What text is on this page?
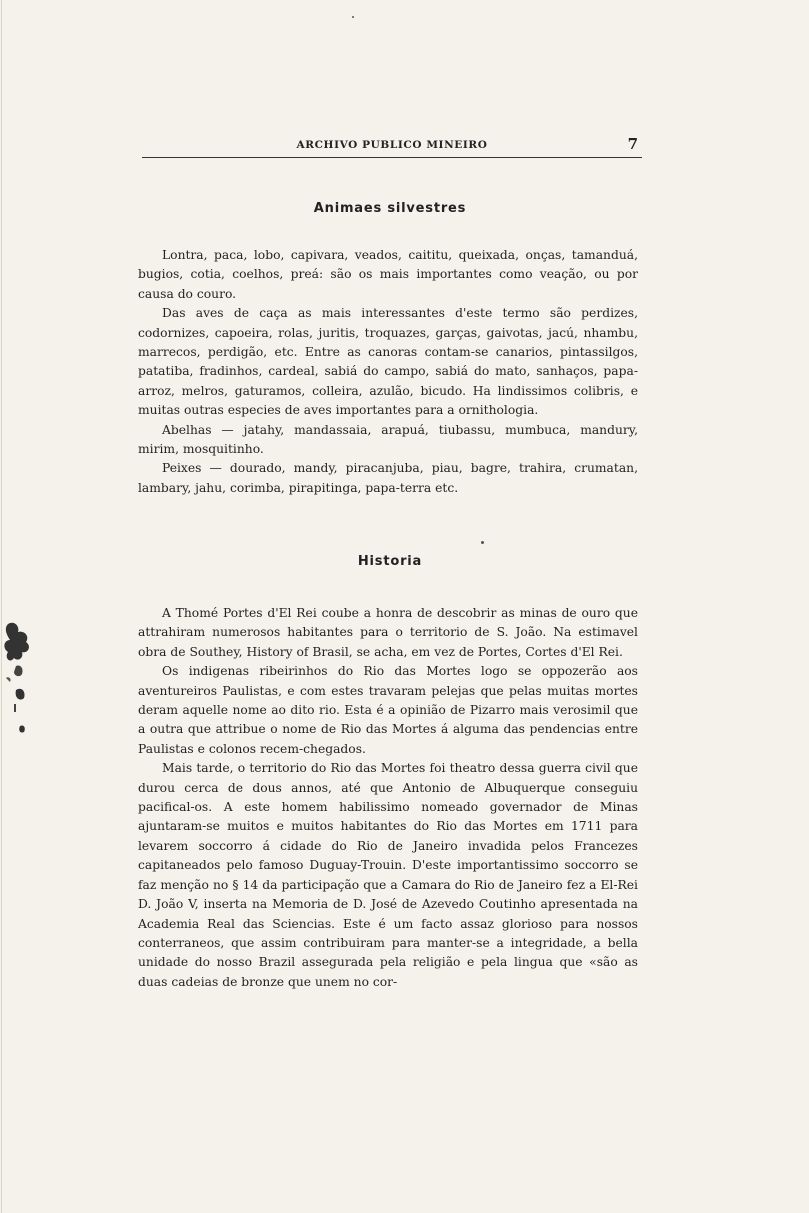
ARCHIVO PUBLICO MINEIRO	7
Animaes silvestres

Lontra, paca, lobo, capivara, veados, caititu, queixada, onças, tamanduá, bugios, cotia, coelhos, preá: são os mais importantes como veação, ou por causa do couro.

Das aves de caça as mais interessantes d'este termo são perdizes, codornizes, capoeira, rolas, juritis, troquazes, garças, gaivotas, jacú, nhambu, marrecos, perdigão, etc. Entre as canoras contam-se canarios, pintassilgos, patatiba, fradinhos, cardeal, sabiá do campo, sabiá do mato, sanhaços, papa-arroz, melros, gaturamos, colleira, azulão, bicudo. Ha lindissimos colibris, e muitas outras especies de aves importantes para a ornithologia.

Abelhas — jatahy, mandassaia, arapuá, tiubassu, mumbuca, mandury, mirim, mosquitinho.

Peixes — dourado, mandy, piracanjuba, piau, bagre, trahira, crumatan, lambary, jahu, corimba, pirapitinga, papa-terra etc.

Historia

A Thomé Portes d'El Rei coube a honra de descobrir as minas de ouro que attrahiram numerosos habitantes para o territorio de S. João. Na estimavel obra de Southey, History of Brasil, se acha, em vez de Portes, Cortes d'El Rei.

Os indigenas ribeirinhos do Rio das Mortes logo se oppozerão aos aventureiros Paulistas, e com estes travaram pelejas que pelas muitas mortes deram aquelle nome ao dito rio. Esta é a opinião de Pizarro mais verosimil que a outra que attribue o nome de Rio das Mortes á alguma das pendencias entre Paulistas e colonos recem-chegados.

Mais tarde, o territorio do Rio das Mortes foi theatro dessa guerra civil que durou cerca de dous annos, até que Antonio de Albuquerque conseguiu pacifical-os. A este homem habilissimo nomeado governador de Minas ajuntaram-se muitos e muitos habitantes do Rio das Mortes em 1711 para levarem soccorro á cidade do Rio de Janeiro invadida pelos Francezes capitaneados pelo famoso Duguay-Trouin. D'este importantissimo soccorro se faz menção no § 14 da participação que a Camara do Rio de Janeiro fez a El-Rei D. João V, inserta na Memoria de D. José de Azevedo Coutinho apresentada na Academia Real das Sciencias. Este é um facto assaz glorioso para nossos conterraneos, que assim contribuiram para manter-se a integridade, a bella unidade do nosso Brazil assegurada pela religião e pela lingua que «são as duas cadeias de bronze que unem no cor-
